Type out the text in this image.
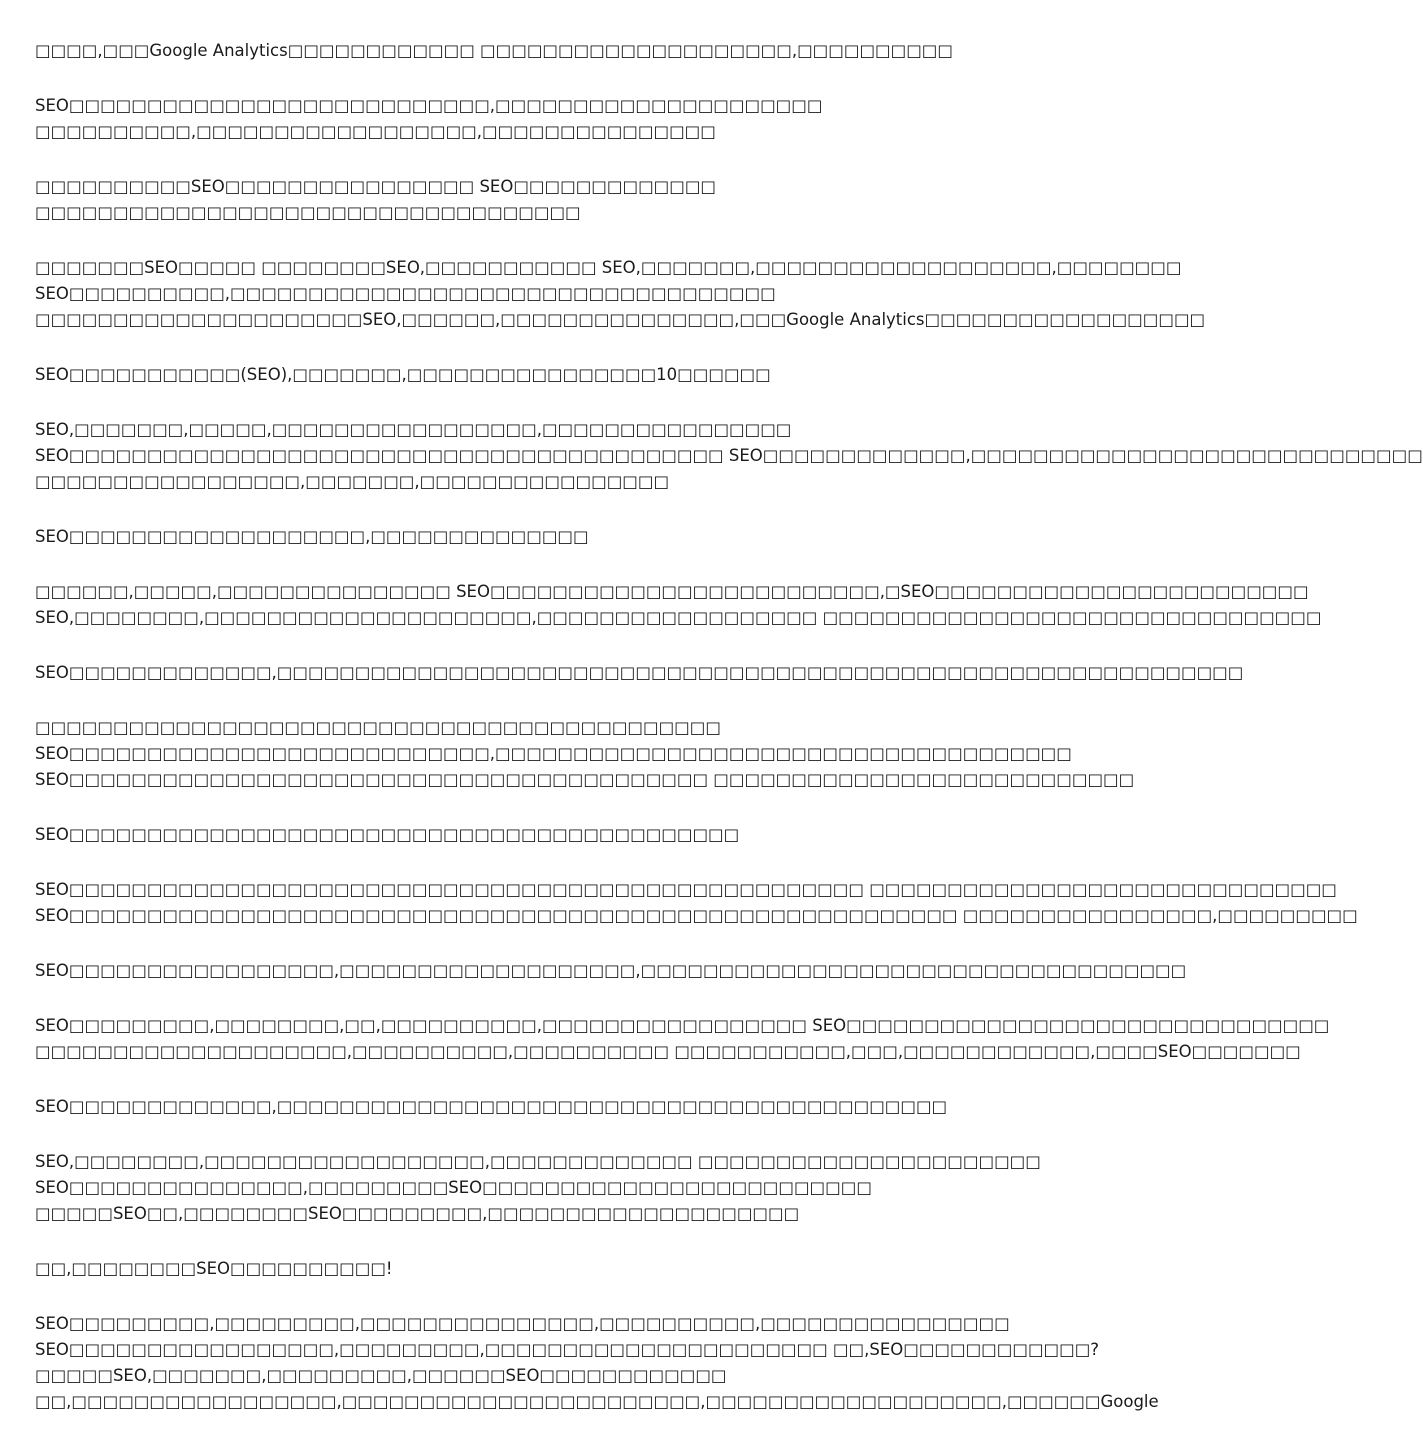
□□□□,□□□Google Analytics□□□□□□□□□□□□ □□□□□□□□□□□□□□□□□□□□,□□□□□□□□□□
SEO□□□□□□□□□□□□□□□□□□□□□□□□□□□,□□□□□□□□□□□□□□□□□□□□□
□□□□□□□□□□,□□□□□□□□□□□□□□□□□□,□□□□□□□□□□□□□□□
□□□□□□□□□□SEO□□□□□□□□□□□□□□□□ SEO□□□□□□□□□□□□□
□□□□□□□□□□□□□□□□□□□□□□□□□□□□□□□□□□□
□□□□□□□SEO□□□□□ □□□□□□□□SEO,□□□□□□□□□□□ SEO,□□□□□□□,□□□□□□□□□□□□□□□□□□□,□□□□□□□□
SEO□□□□□□□□□□,□□□□□□□□□□□□□□□□□□□□□□□□□□□□□□□□□□□
□□□□□□□□□□□□□□□□□□□□□SEO,□□□□□□,□□□□□□□□□□□□□□□,□□□Google Analytics□□□□□□□□□□□□□□□□□□
SEO□□□□□□□□□□□(SEO),□□□□□□□,□□□□□□□□□□□□□□□□10□□□□□□
SEO,□□□□□□□,□□□□□,□□□□□□□□□□□□□□□□□,□□□□□□□□□□□□□□□□
SEO□□□□□□□□□□□□□□□□□□□□□□□□□□□□□□□□□□□□□□□□□□ SEO□□□□□□□□□□□□□,□□□□□□□□□□□□□□□□□□□□□□□□□□□□□
□□□□□□□□□□□□□□□□□,□□□□□□□,□□□□□□□□□□□□□□□□
SEO□□□□□□□□□□□□□□□□□□□,□□□□□□□□□□□□□□
□□□□□□,□□□□□,□□□□□□□□□□□□□□□ SEO□□□□□□□□□□□□□□□□□□□□□□□□□,□SEO□□□□□□□□□□□□□□□□□□□□□□□□
SEO,□□□□□□□□,□□□□□□□□□□□□□□□□□□□□□,□□□□□□□□□□□□□□□□□□ □□□□□□□□□□□□□□□□□□□□□□□□□□□□□□□□
SEO□□□□□□□□□□□□□,□□□□□□□□□□□□□□□□□□□□□□□□□□□□□□□□□□□□□□□□□□□□□□□□□□□□□□□□□□□□□□
□□□□□□□□□□□□□□□□□□□□□□□□□□□□□□□□□□□□□□□□□□□□
SEO□□□□□□□□□□□□□□□□□□□□□□□□□□□,□□□□□□□□□□□□□□□□□□□□□□□□□□□□□□□□□□□□□
SEO□□□□□□□□□□□□□□□□□□□□□□□□□□□□□□□□□□□□□□□□□ □□□□□□□□□□□□□□□□□□□□□□□□□□□
SEO□□□□□□□□□□□□□□□□□□□□□□□□□□□□□□□□□□□□□□□□□□□
SEO□□□□□□□□□□□□□□□□□□□□□□□□□□□□□□□□□□□□□□□□□□□□□□□□□□□ □□□□□□□□□□□□□□□□□□□□□□□□□□□□□□
SEO□□□□□□□□□□□□□□□□□□□□□□□□□□□□□□□□□□□□□□□□□□□□□□□□□□□□□□□□□ □□□□□□□□□□□□□□□□,□□□□□□□□□
SEO□□□□□□□□□□□□□□□□□,□□□□□□□□□□□□□□□□□□□,□□□□□□□□□□□□□□□□□□□□□□□□□□□□□□□□□□□
SEO□□□□□□□□□,□□□□□□□□,□□,□□□□□□□□□□,□□□□□□□□□□□□□□□□□ SEO□□□□□□□□□□□□□□□□□□□□□□□□□□□□□□□
□□□□□□□□□□□□□□□□□□□□,□□□□□□□□□□,□□□□□□□□□□ □□□□□□□□□□□,□□□,□□□□□□□□□□□□,□□□□SEO□□□□□□□
SEO□□□□□□□□□□□□□,□□□□□□□□□□□□□□□□□□□□□□□□□□□□□□□□□□□□□□□□□□□
SEO,□□□□□□□□,□□□□□□□□□□□□□□□□□□,□□□□□□□□□□□□□ □□□□□□□□□□□□□□□□□□□□□□
SEO□□□□□□□□□□□□□□□,□□□□□□□□□SEO□□□□□□□□□□□□□□□□□□□□□□□□□
□□□□□SEO□□,□□□□□□□□SEO□□□□□□□□□,□□□□□□□□□□□□□□□□□□□□
□□,□□□□□□□□SEO□□□□□□□□□□!
SEO□□□□□□□□□,□□□□□□□□□,□□□□□□□□□□□□□□□,□□□□□□□□□□,□□□□□□□□□□□□□□□□
SEO□□□□□□□□□□□□□□□□□,□□□□□□□□□,□□□□□□□□□□□□□□□□□□□□□□ □□,SEO□□□□□□□□□□□□?
□□□□□SEO,□□□□□□□,□□□□□□□□□,□□□□□□SEO□□□□□□□□□□□□
□□,□□□□□□□□□□□□□□□□□,□□□□□□□□□□□□□□□□□□□□□□□,□□□□□□□□□□□□□□□□□□□,□□□□□□Google
